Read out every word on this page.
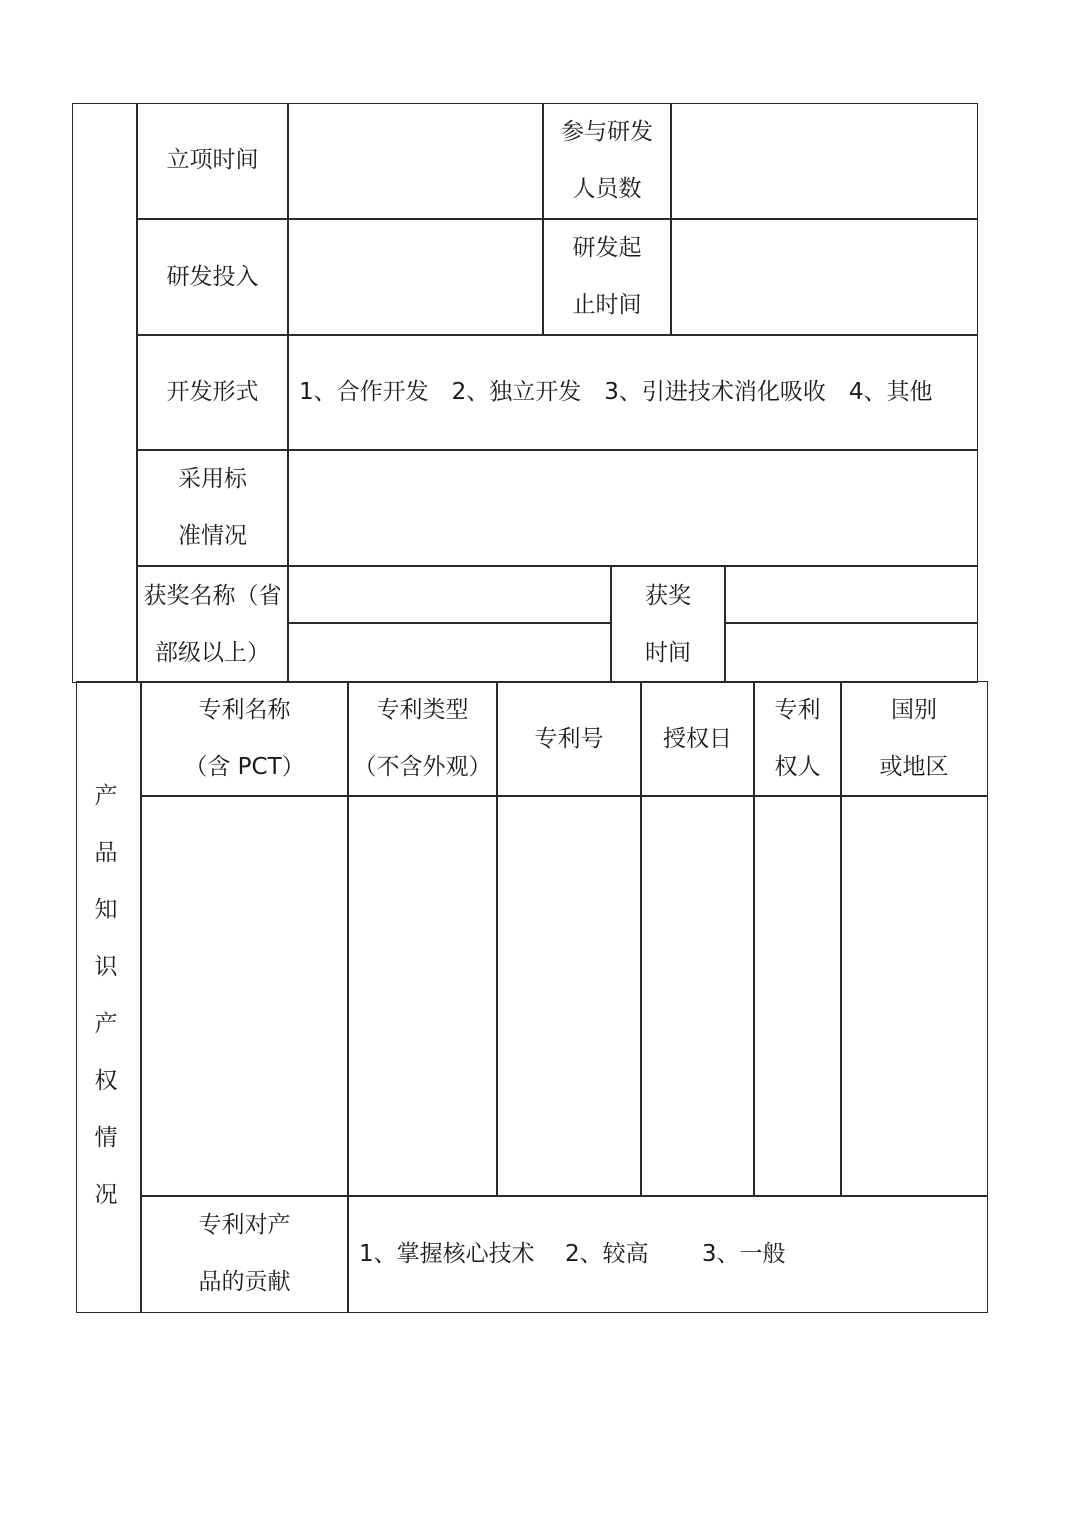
立项时间
参与研发
人员数
研发投入
研发起
止时间
开发形式 1、合作开发　2、独立开发　3、引进技术消化吸收　4、其他
采用标
准情况
获奖名称（省
部级以上）
获奖
时间
专利名称
（含 PCT）
专利类型
（不含外观）
专利号	授权日
专利
权人
国别
或地区
专利对产
品的贡献
1、掌握核心技术　 2、较高　　 3、一般
产
品
知
识
产
权
情
况
